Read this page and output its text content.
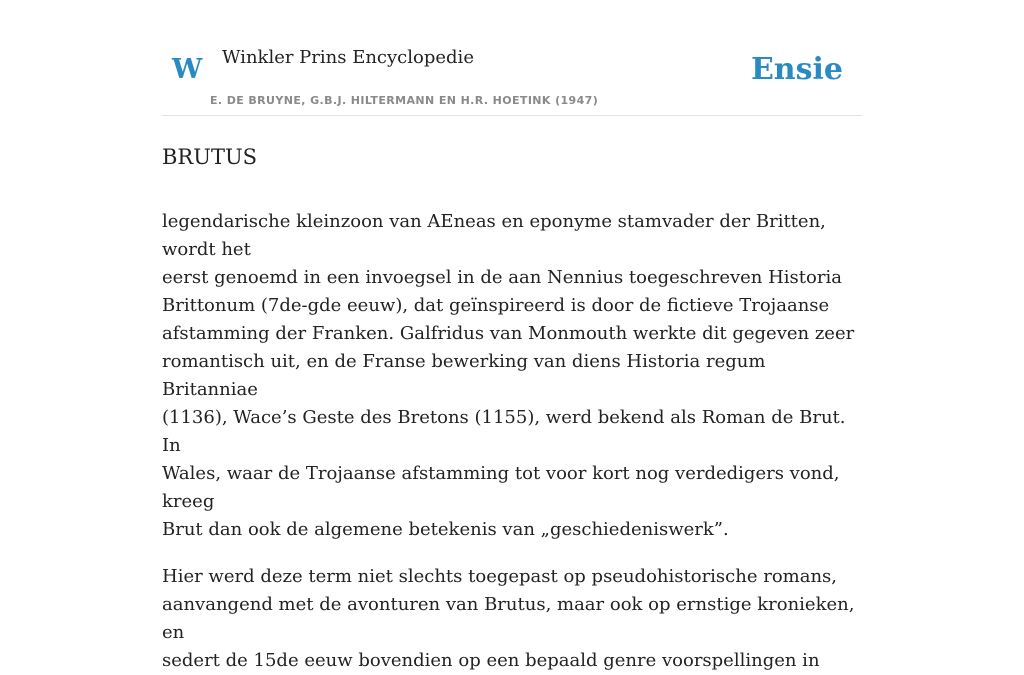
W Winkler Prins Encyclopedie
E. DE BRUYNE, G.B.J. HILTERMANN EN H.R. HOETINK (1947)
Ensie
BRUTUS

legendarische kleinzoon van AEneas en eponyme stamvader der Britten, wordt het
eerst genoemd in een invoegsel in de aan Nennius toegeschreven Historia
Brittonum (7de-gde eeuw), dat geïnspireerd is door de fictieve Trojaanse
afstamming der Franken. Galfridus van Monmouth werkte dit gegeven zeer
romantisch uit, en de Franse bewerking van diens Historia regum Britanniae
(1136), Wace’s Geste des Bretons (1155), werd bekend als Roman de Brut. In
Wales, waar de Trojaanse afstamming tot voor kort nog verdedigers vond, kreeg
Brut dan ook de algemene betekenis van „geschiedeniswerk”.

Hier werd deze term niet slechts toegepast op pseudohistorische romans,
aanvangend met de avonturen van Brutus, maar ook op ernstige kronieken, en
sedert de 15de eeuw bovendien op een bepaald genre voorspellingen in
